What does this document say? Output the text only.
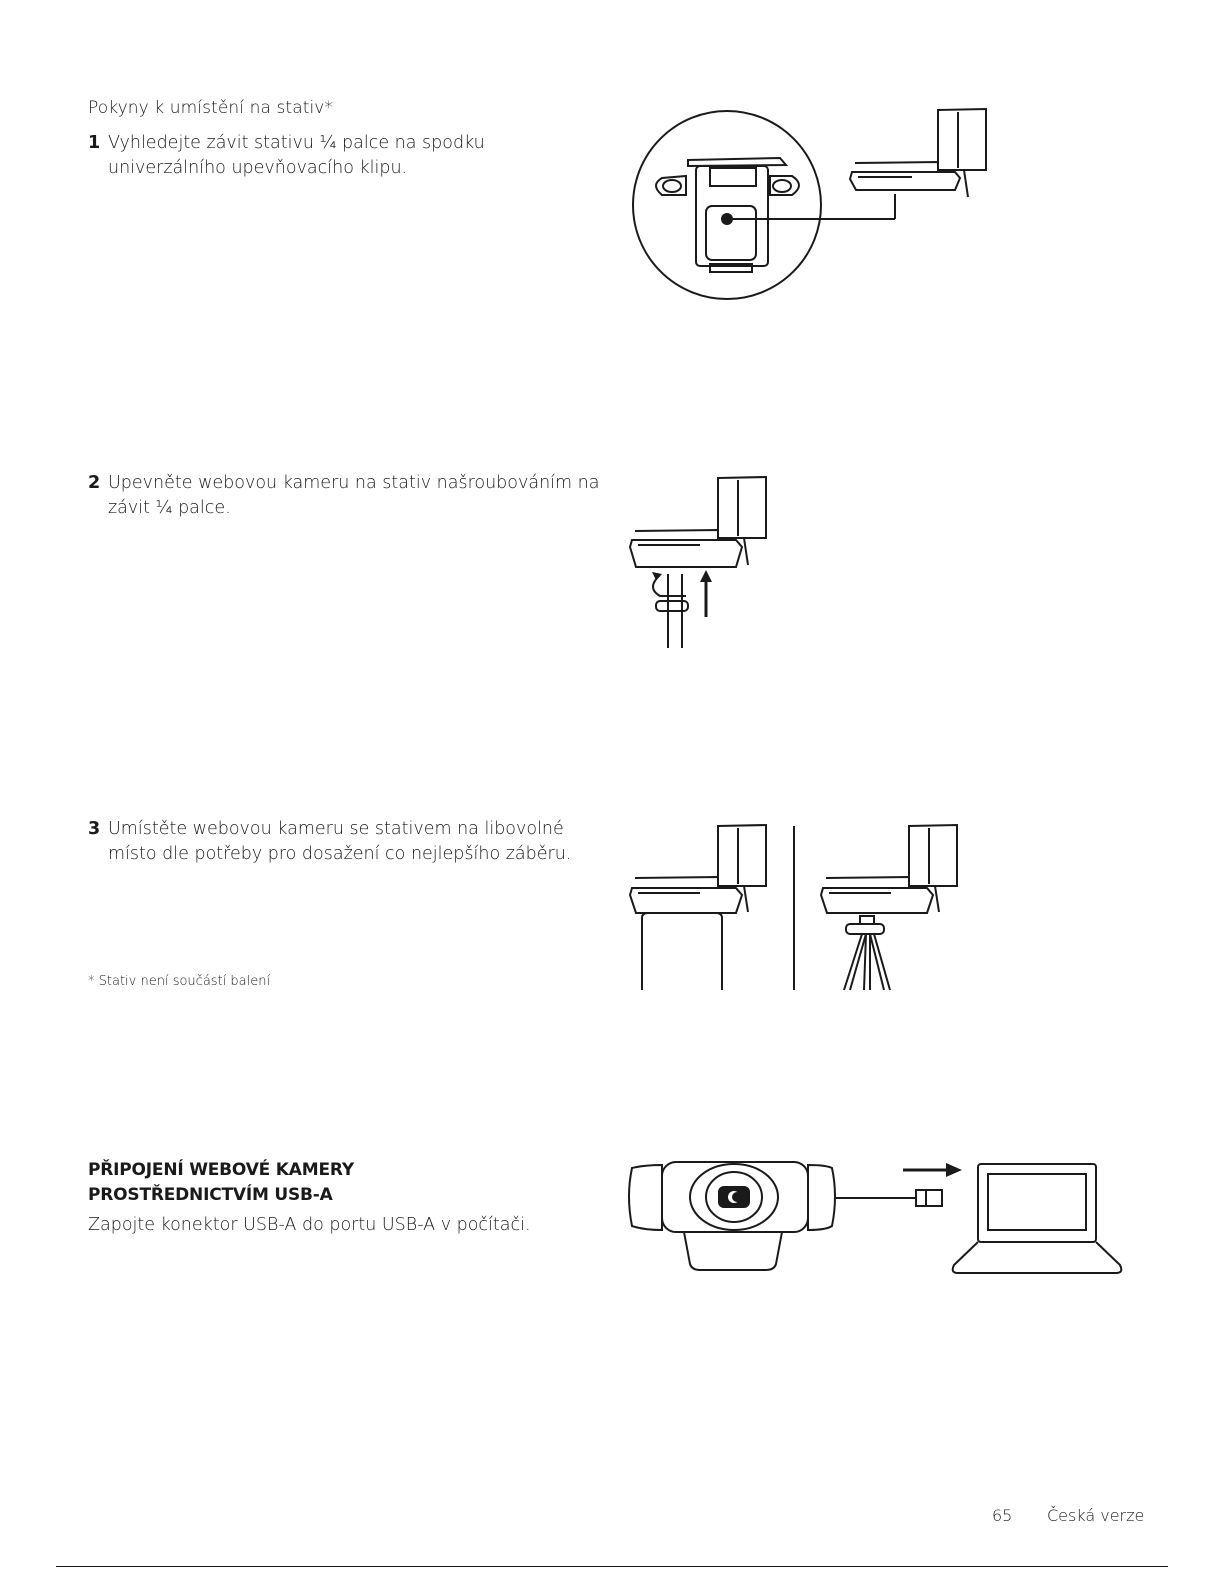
Pokyny k umístění na stativ*
1 Vyhledejte závit stativu ¼ palce na spodku univerzálního upevňovacího klipu.
2 Upevněte webovou kameru na stativ našroubováním na závit ¼ palce.
3 Umístěte webovou kameru se stativem na libovolné místo dle potřeby pro dosažení co nejlepšího záběru.
* Stativ není součástí balení
PŘIPOJENÍ WEBOVÉ KAMERY PROSTŘEDNICTVÍM USB-A
Zapojte konektor USB-A do portu USB-A v počítači.
65 Česká verze
